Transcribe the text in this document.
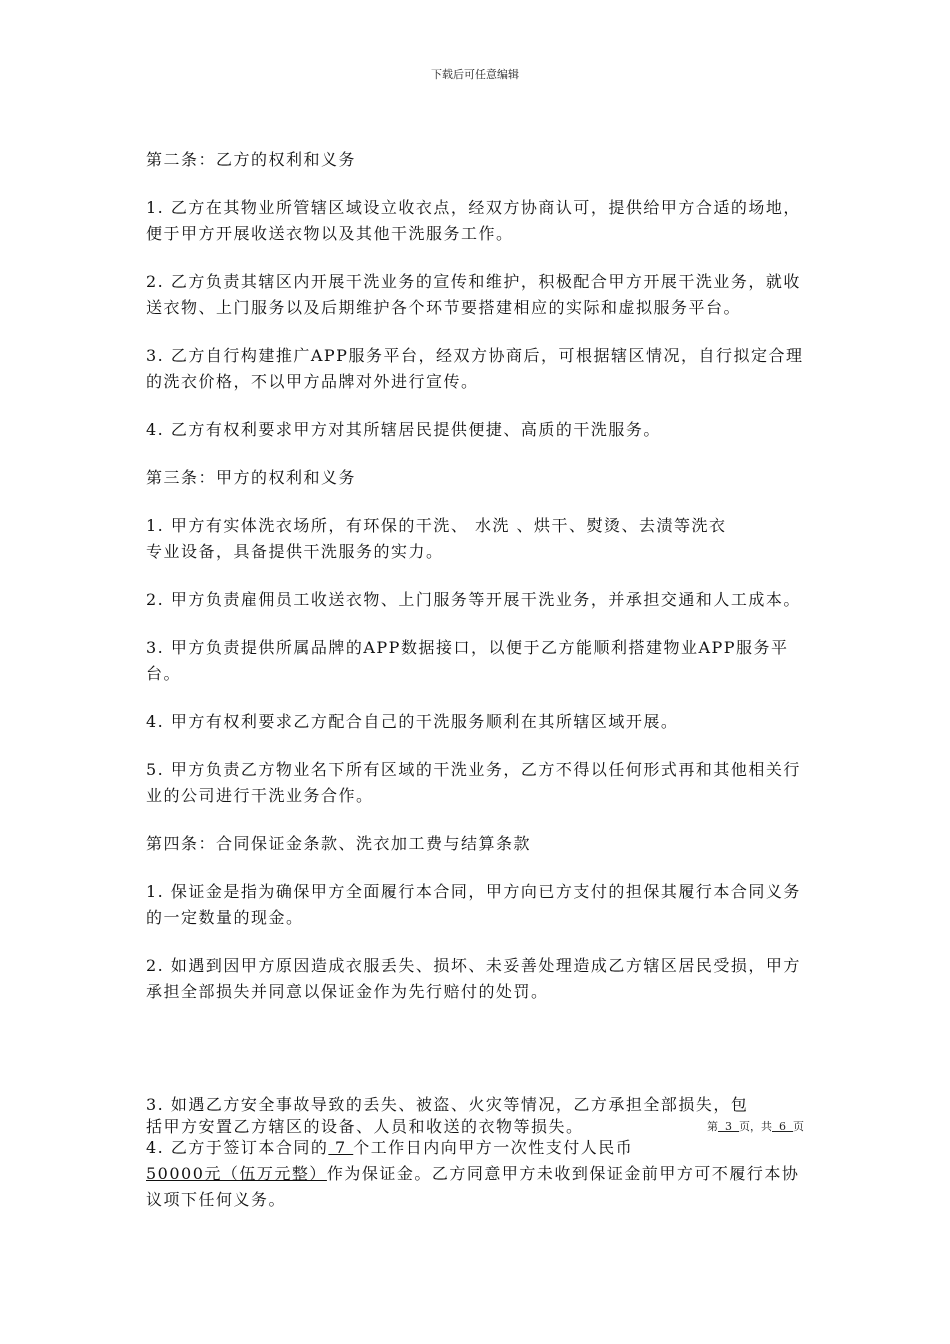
下载后可任意编辑

第二条：乙方的权利和义务

1. 乙方在其物业所管辖区域设立收衣点，经双方协商认可，提供给甲方合适的场地，便于甲方开展收送衣物以及其他干洗服务工作。

2. 乙方负责其辖区内开展干洗业务的宣传和维护，积极配合甲方开展干洗业务，就收送衣物、上门服务以及后期维护各个环节要搭建相应的实际和虚拟服务平台。

3. 乙方自行构建推广APP服务平台，经双方协商后，可根据辖区情况，自行拟定合理的洗衣价格，不以甲方品牌对外进行宣传。

4. 乙方有权利要求甲方对其所辖居民提供便捷、高质的干洗服务。

第三条：甲方的权利和义务

1. 甲方有实体洗衣场所，有环保的干洗、 水洗 、烘干、熨烫、去渍等洗衣

专业设备，具备提供干洗服务的实力。

2. 甲方负责雇佣员工收送衣物、上门服务等开展干洗业务，并承担交通和人工成本。

3. 甲方负责提供所属品牌的APP数据接口，以便于乙方能顺利搭建物业APP服务平台。

4. 甲方有权利要求乙方配合自己的干洗服务顺利在其所辖区域开展。

5. 甲方负责乙方物业名下所有区域的干洗业务，乙方不得以任何形式再和其他相关行业的公司进行干洗业务合作。

第四条：合同保证金条款、洗衣加工费与结算条款

1. 保证金是指为确保甲方全面履行本合同，甲方向已方支付的担保其履行本合同义务的一定数量的现金。

2. 如遇到因甲方原因造成衣服丢失、损坏、未妥善处理造成乙方辖区居民受损，甲方承担全部损失并同意以保证金作为先行赔付的处罚。

3. 如遇乙方安全事故导致的丢失、被盗、火灾等情况，乙方承担全部损失，包
括甲方安置乙方辖区的设备、人员和收送的衣物等损失。	第 3 页，共 6 页
4. 乙方于签订本合同的 7 个工作日内向甲方一次性支付人民币50000元（伍万元整）作为保证金。乙方同意甲方未收到保证金前甲方可不履行本协议项下任何义务。
